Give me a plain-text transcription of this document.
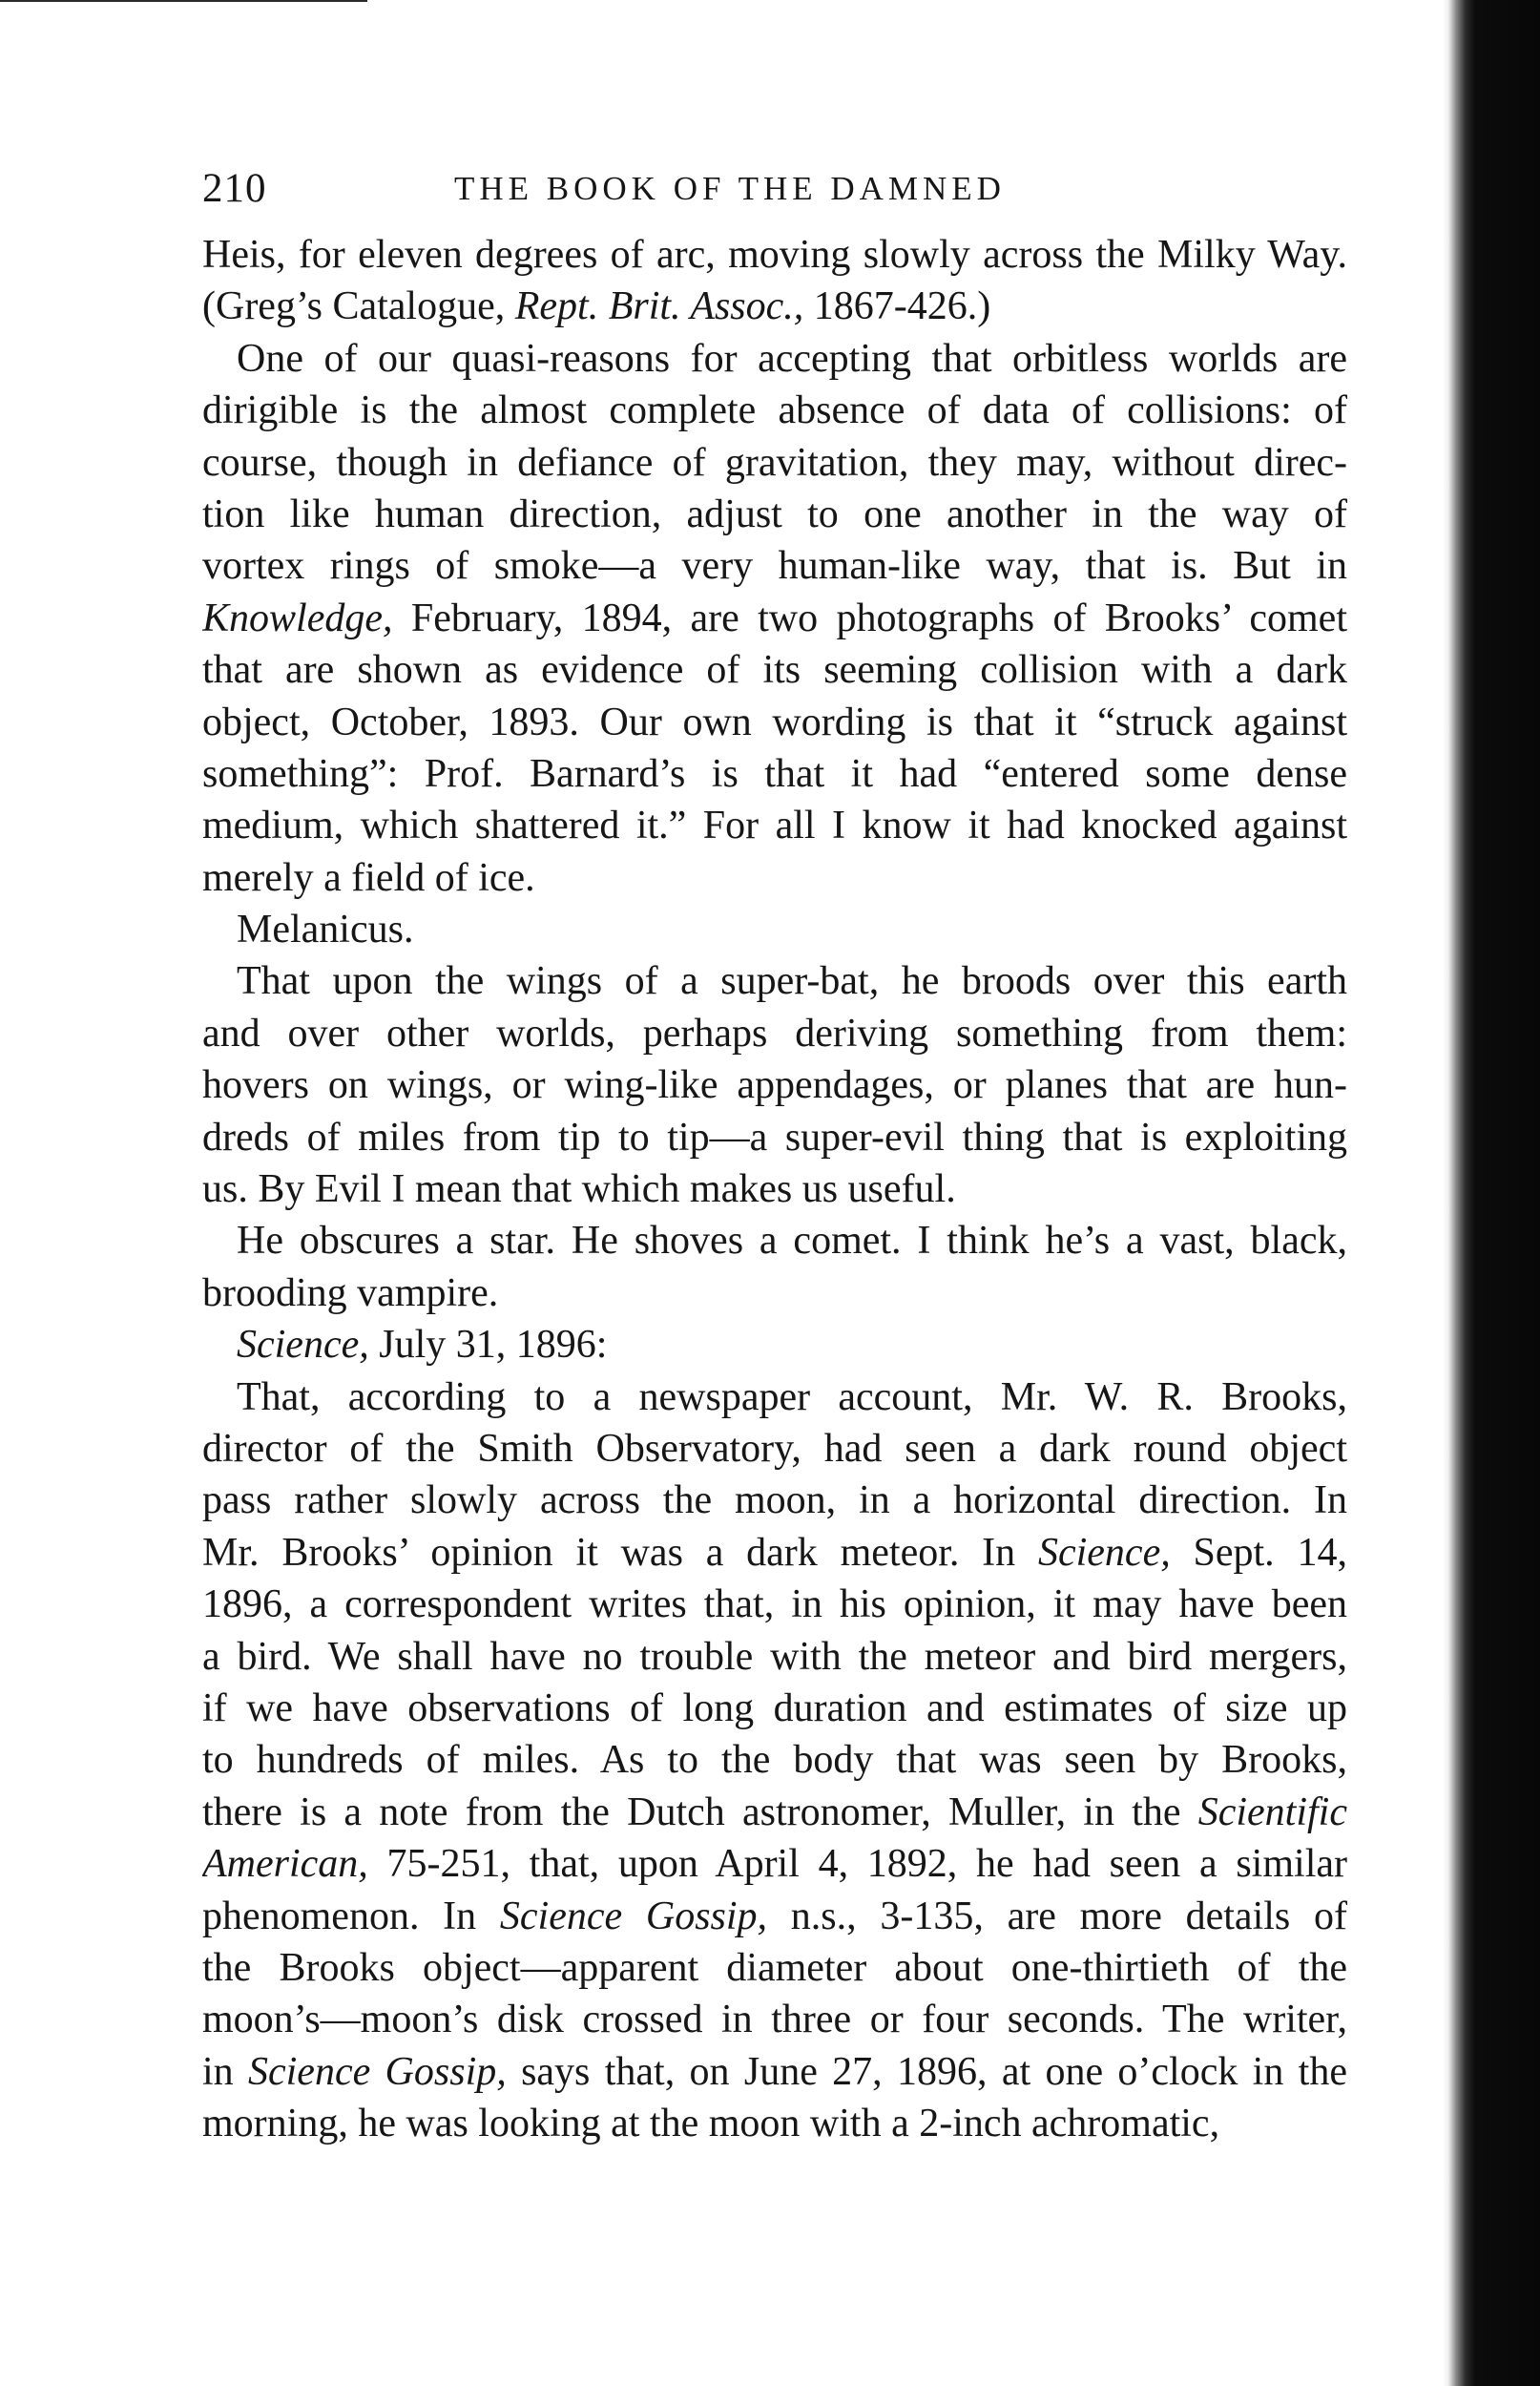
210	THE BOOK OF THE DAMNED
Heis, for eleven degrees of arc, moving slowly across the Milky Way.
(Greg’s Catalogue, Rept. Brit. Assoc., 1867-426.)
One of our quasi-reasons for accepting that orbitless worlds are
dirigible is the almost complete absence of data of collisions: of
course, though in defiance of gravitation, they may, without direc-
tion like human direction, adjust to one another in the way of
vortex rings of smoke—a very human-like way, that is. But in
Knowledge, February, 1894, are two photographs of Brooks’ comet
that are shown as evidence of its seeming collision with a dark
object, October, 1893. Our own wording is that it “struck against
something”: Prof. Barnard’s is that it had “entered some dense
medium, which shattered it.” For all I know it had knocked against
merely a field of ice.
Melanicus.
That upon the wings of a super-bat, he broods over this earth
and over other worlds, perhaps deriving something from them:
hovers on wings, or wing-like appendages, or planes that are hun-
dreds of miles from tip to tip—a super-evil thing that is exploiting
us. By Evil I mean that which makes us useful.
He obscures a star. He shoves a comet. I think he’s a vast, black,
brooding vampire.
Science, July 31, 1896:
That, according to a newspaper account, Mr. W. R. Brooks,
director of the Smith Observatory, had seen a dark round object
pass rather slowly across the moon, in a horizontal direction. In
Mr. Brooks’ opinion it was a dark meteor. In Science, Sept. 14,
1896, a correspondent writes that, in his opinion, it may have been
a bird. We shall have no trouble with the meteor and bird mergers,
if we have observations of long duration and estimates of size up
to hundreds of miles. As to the body that was seen by Brooks,
there is a note from the Dutch astronomer, Muller, in the Scientific
American, 75-251, that, upon April 4, 1892, he had seen a similar
phenomenon. In Science Gossip, n.s., 3-135, are more details of
the Brooks object—apparent diameter about one-thirtieth of the
moon’s—moon’s disk crossed in three or four seconds. The writer,
in Science Gossip, says that, on June 27, 1896, at one o’clock in the
morning, he was looking at the moon with a 2-inch achromatic,
